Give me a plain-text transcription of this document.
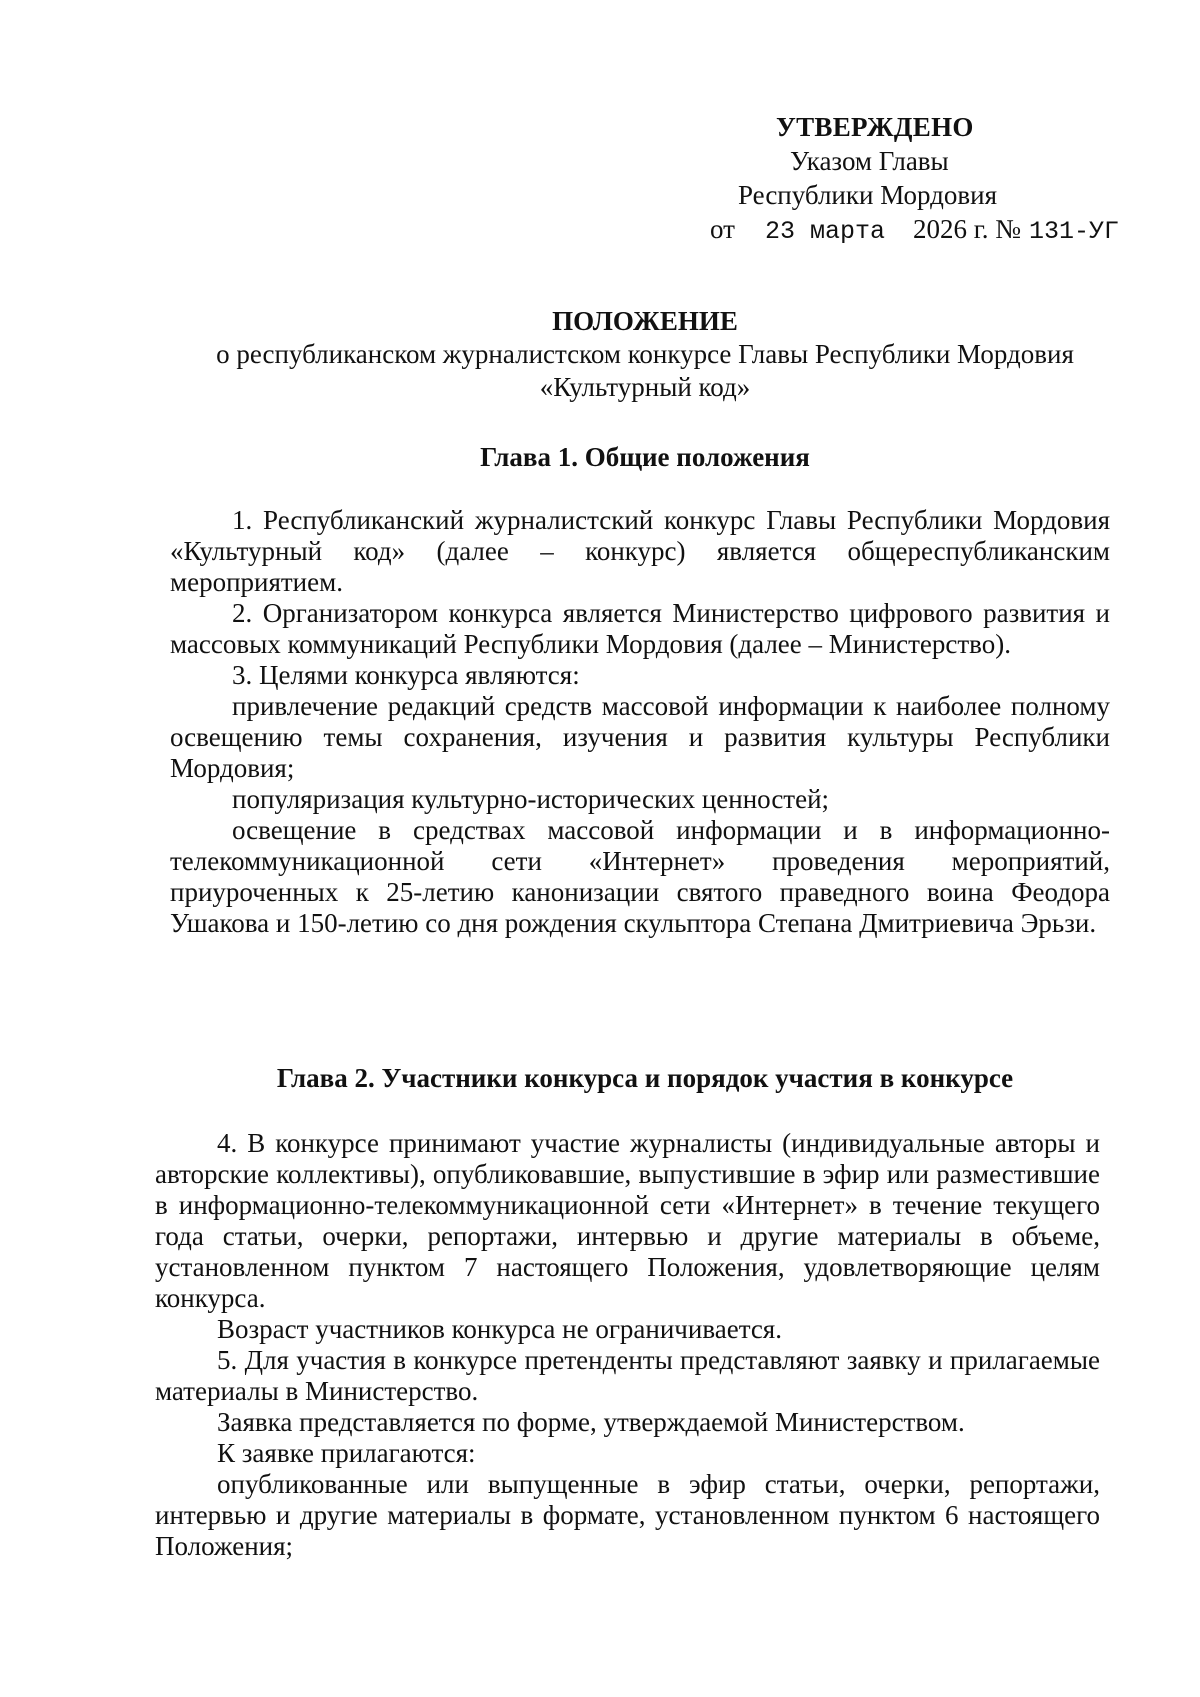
УТВЕРЖДЕНО
Указом Главы
Республики Мордовия
от 23 марта 2026 г. № 131-УГ
ПОЛОЖЕНИЕ
о республиканском журналистском конкурсе Главы Республики Мордовия
«Культурный код»
Глава 1. Общие положения

1. Республиканский журналистский конкурс Главы Республики Мордовия «Культурный код» (далее – конкурс) является общереспубликанским мероприятием.

2. Организатором конкурса является Министерство цифрового развития и массовых коммуникаций Республики Мордовия (далее – Министерство).

3. Целями конкурса являются:

привлечение редакций средств массовой информации к наиболее полному освещению темы сохранения, изучения и развития культуры Республики Мордовия;

популяризация культурно-исторических ценностей;

освещение в средствах массовой информации и в информационно-телекоммуникационной сети «Интернет» проведения мероприятий, приуроченных к 25-летию канонизации святого праведного воина Феодора Ушакова и 150-летию со дня рождения скульптора Степана Дмитриевича Эрьзи.

Глава 2. Участники конкурса и порядок участия в конкурсе

4. В конкурсе принимают участие журналисты (индивидуальные авторы и авторские коллективы), опубликовавшие, выпустившие в эфир или разместившие в информационно-телекоммуникационной сети «Интернет» в течение текущего года статьи, очерки, репортажи, интервью и другие материалы в объеме, установленном пунктом 7 настоящего Положения, удовлетворяющие целям конкурса.

Возраст участников конкурса не ограничивается.

5. Для участия в конкурсе претенденты представляют заявку и прилагаемые материалы в Министерство.

Заявка представляется по форме, утверждаемой Министерством.

К заявке прилагаются:

опубликованные или выпущенные в эфир статьи, очерки, репортажи, интервью и другие материалы в формате, установленном пунктом 6 настоящего Положения;
